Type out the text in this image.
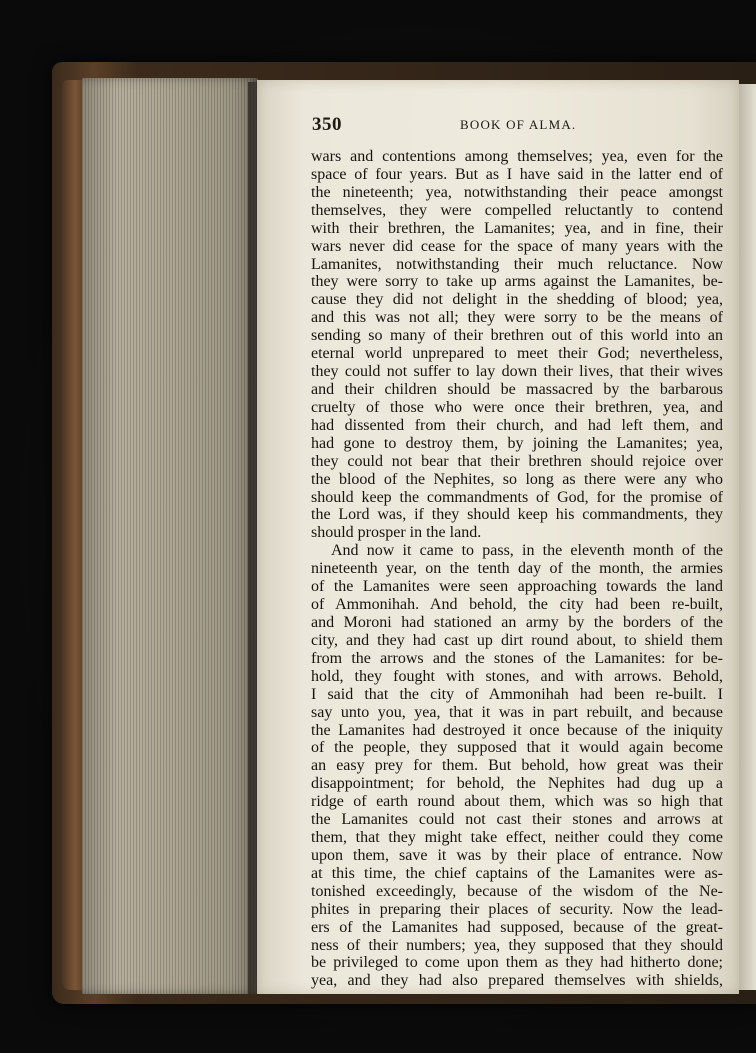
350	BOOK OF ALMA.
wars and contentions among themselves; yea, even for the
space of four years. But as I have said in the latter end of
the nineteenth; yea, notwithstanding their peace amongst
themselves, they were compelled reluctantly to contend
with their brethren, the Lamanites; yea, and in fine, their
wars never did cease for the space of many years with the
Lamanites, notwithstanding their much reluctance. Now
they were sorry to take up arms against the Lamanites, be-
cause they did not delight in the shedding of blood; yea,
and this was not all; they were sorry to be the means of
sending so many of their brethren out of this world into an
eternal world unprepared to meet their God; nevertheless,
they could not suffer to lay down their lives, that their wives
and their children should be massacred by the barbarous
cruelty of those who were once their brethren, yea, and
had dissented from their church, and had left them, and
had gone to destroy them, by joining the Lamanites; yea,
they could not bear that their brethren should rejoice over
the blood of the Nephites, so long as there were any who
should keep the commandments of God, for the promise of
the Lord was, if they should keep his commandments, they
should prosper in the land.
And now it came to pass, in the eleventh month of the
nineteenth year, on the tenth day of the month, the armies
of the Lamanites were seen approaching towards the land
of Ammonihah. And behold, the city had been re-built,
and Moroni had stationed an army by the borders of the
city, and they had cast up dirt round about, to shield them
from the arrows and the stones of the Lamanites: for be-
hold, they fought with stones, and with arrows. Behold,
I said that the city of Ammonihah had been re-built. I
say unto you, yea, that it was in part rebuilt, and because
the Lamanites had destroyed it once because of the iniquity
of the people, they supposed that it would again become
an easy prey for them. But behold, how great was their
disappointment; for behold, the Nephites had dug up a
ridge of earth round about them, which was so high that
the Lamanites could not cast their stones and arrows at
them, that they might take effect, neither could they come
upon them, save it was by their place of entrance. Now
at this time, the chief captains of the Lamanites were as-
tonished exceedingly, because of the wisdom of the Ne-
phites in preparing their places of security. Now the lead-
ers of the Lamanites had supposed, because of the great-
ness of their numbers; yea, they supposed that they should
be privileged to come upon them as they had hitherto done;
yea, and they had also prepared themselves with shields,
